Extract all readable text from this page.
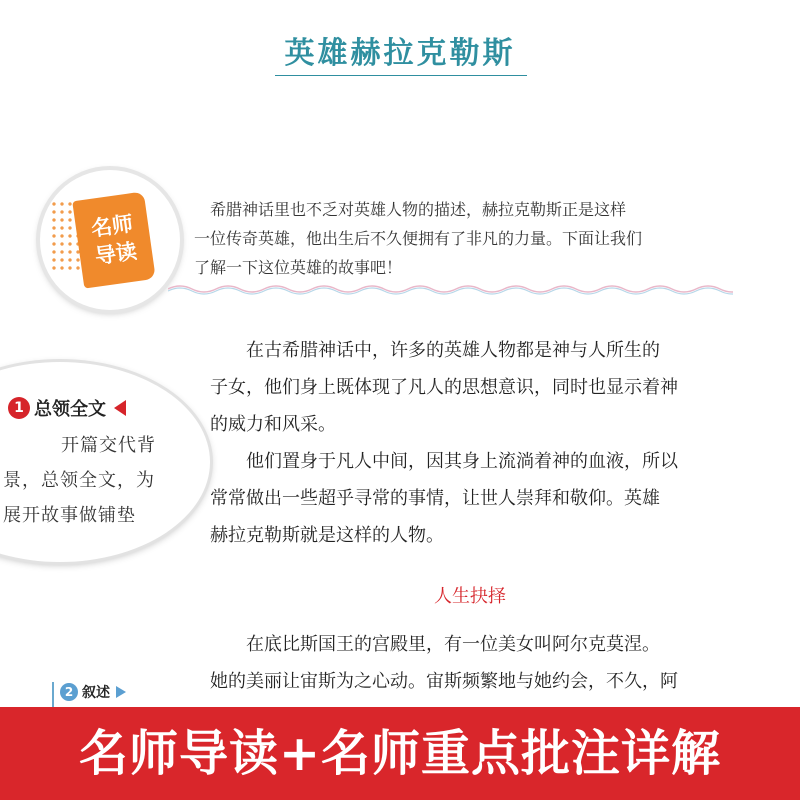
英雄赫拉克勒斯
名师
导读

希腊神话里也不乏对英雄人物的描述，赫拉克勒斯正是这样

一位传奇英雄，他出生后不久便拥有了非凡的力量。下面让我们

了解一下这位英雄的故事吧！

在古希腊神话中，许多的英雄人物都是神与人所生的

子女，他们身上既体现了凡人的思想意识，同时也显示着神

的威力和风采。

他们置身于凡人中间，因其身上流淌着神的血液，所以

常常做出一些超乎寻常的事情，让世人崇拜和敬仰。英雄

赫拉克勒斯就是这样的人物。

人生抉择

在底比斯国王的宫殿里，有一位美女叫阿尔克莫涅。

她的美丽让宙斯为之心动。宙斯频繁地与她约会，不久，阿

1 总领全文

开篇交代背

景，总领全文，为

展开故事做铺垫

2 叙述
名师导读+名师重点批注详解
